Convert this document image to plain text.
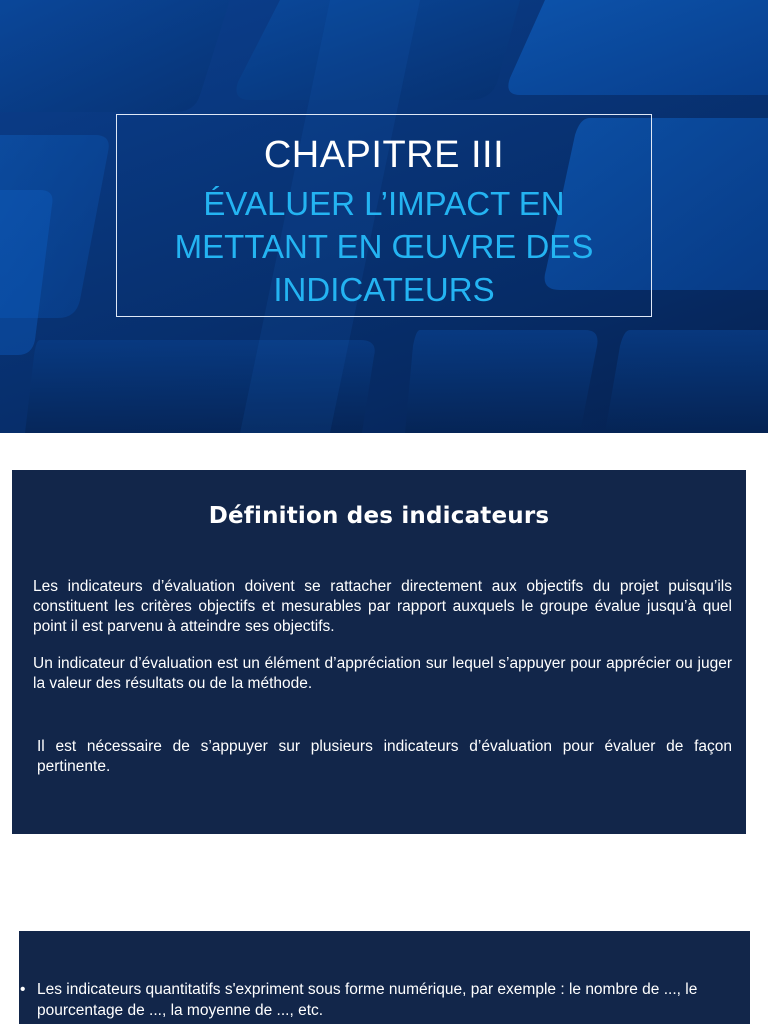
CHAPITRE III
ÉVALUER L’IMPACT EN
METTANT EN ŒUVRE DES
INDICATEURS
Définition des indicateurs
Les indicateurs d’évaluation doivent se rattacher directement aux objectifs du projet puisqu’ils constituent les critères objectifs et mesurables par rapport auxquels le groupe évalue jusqu’à quel point il est parvenu à atteindre ses objectifs.
Un indicateur d’évaluation est un élément d’appréciation sur lequel s’appuyer pour apprécier ou juger la valeur des résultats ou de la méthode.
Il est nécessaire de s’appuyer sur plusieurs indicateurs d’évaluation pour évaluer de façon pertinente.
• Les indicateurs quantitatifs s'expriment sous forme numérique, par exemple : le nombre de ..., le pourcentage de ..., la moyenne de ..., etc.
